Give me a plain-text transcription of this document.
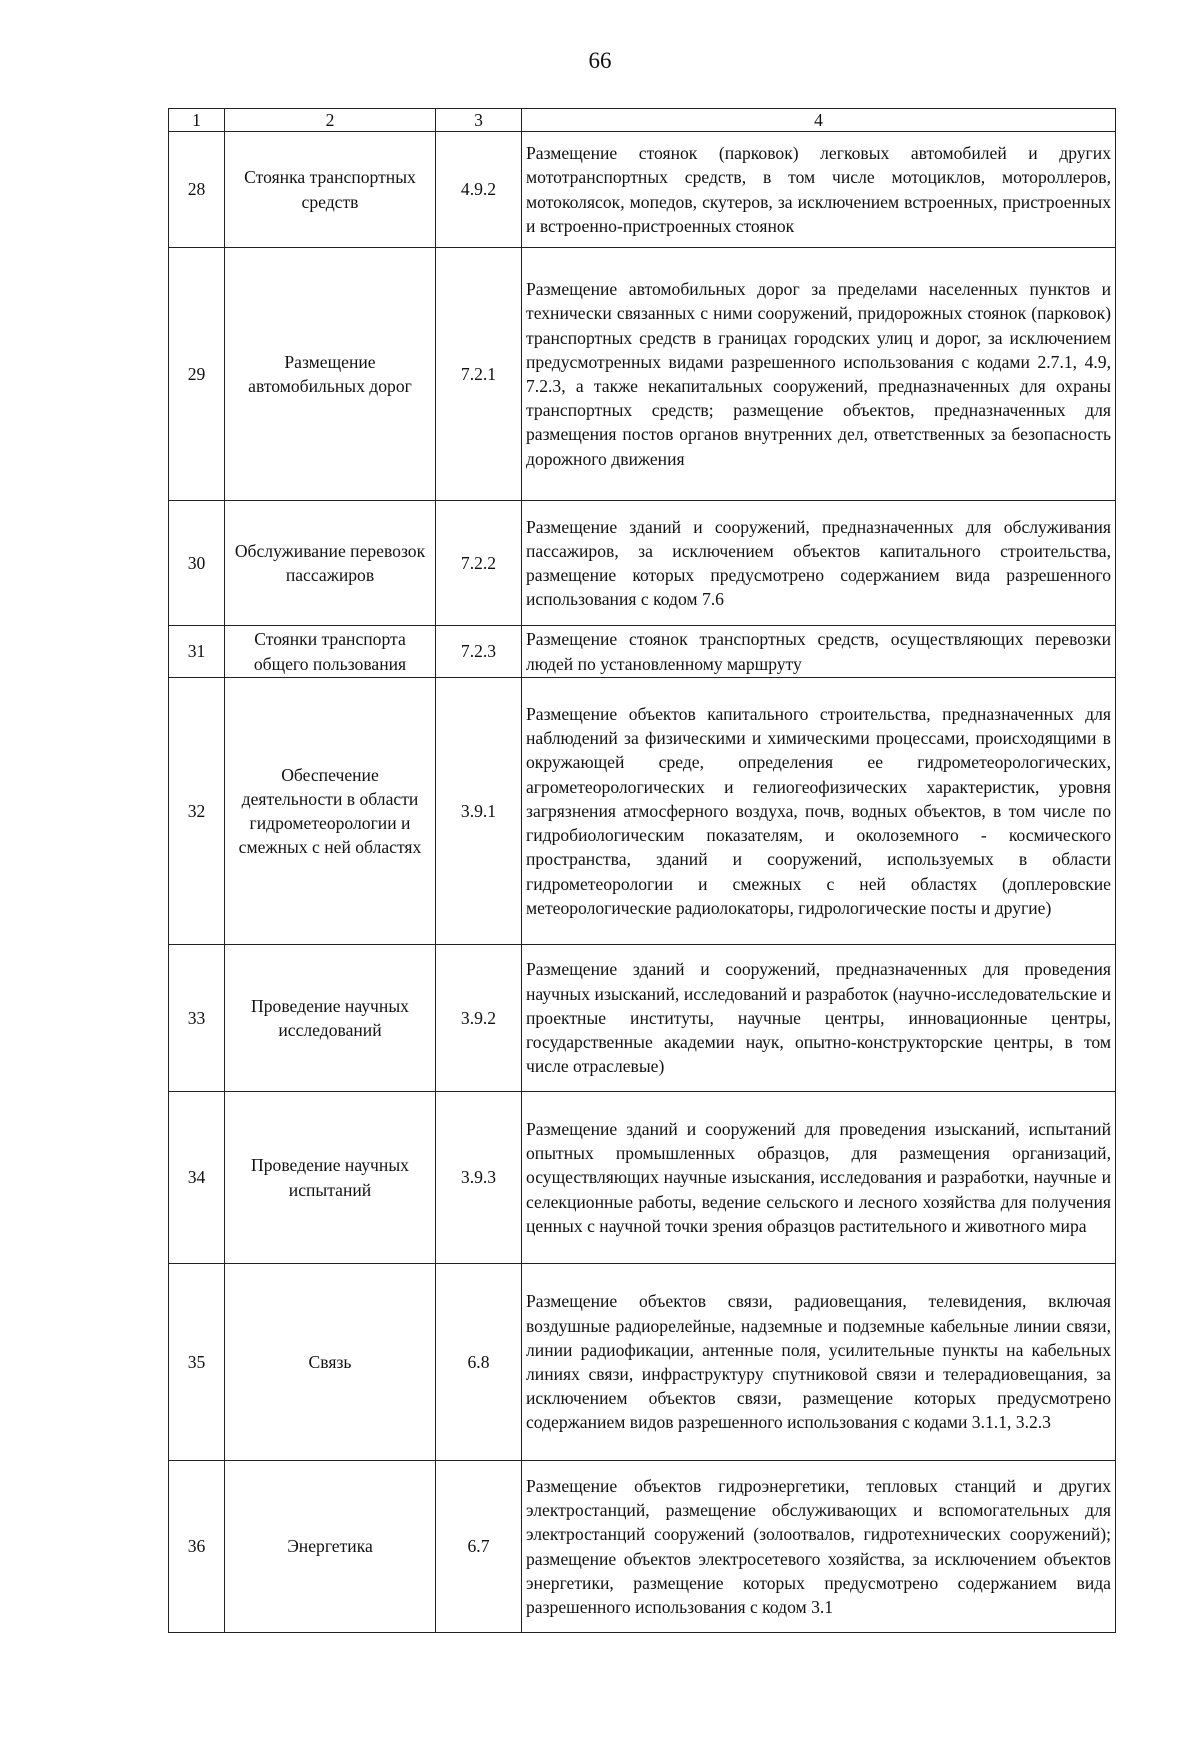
66
1	2	3	4
28	Стоянка транспортных средств	4.9.2	Размещение стоянок (парковок) легковых автомобилей и других мототранспортных средств, в том числе мотоциклов, мотороллеров, мотоколясок, мопедов, скутеров, за исключением встроенных, пристроенных и встроенно-пристроенных стоянок
29	Размещение автомобильных дорог	7.2.1	Размещение автомобильных дорог за пределами населенных пунктов и технически связанных с ними сооружений, придорожных стоянок (парковок) транспортных средств в границах городских улиц и дорог, за исключением предусмотренных видами разрешенного использования с кодами 2.7.1, 4.9, 7.2.3, а также некапитальных сооружений, предназначенных для охраны транспортных средств; размещение объектов, предназначенных для размещения постов органов внутренних дел, ответственных за безопасность дорожного движения
30	Обслуживание перевозок пассажиров	7.2.2	Размещение зданий и сооружений, предназначенных для обслуживания пассажиров, за исключением объектов капитального строительства, размещение которых предусмотрено содержанием вида разрешенного использования с кодом 7.6
31	Стоянки транспорта общего пользования	7.2.3	Размещение стоянок транспортных средств, осуществляющих перевозки людей по установленному маршруту
32	Обеспечение деятельности в области гидрометеорологии и смежных с ней областях	3.9.1	Размещение объектов капитального строительства, предназначенных для наблюдений за физическими и химическими процессами, происходящими в окружающей среде, определения ее гидрометеорологических, агрометеорологических и гелиогеофизических характеристик, уровня загрязнения атмосферного воздуха, почв, водных объектов, в том числе по гидробиологическим показателям, и околоземного - космического пространства, зданий и сооружений, используемых в области гидрометеорологии и смежных с ней областях (доплеровские метеорологические радиолокаторы, гидрологические посты и другие)
33	Проведение научных исследований	3.9.2	Размещение зданий и сооружений, предназначенных для проведения научных изысканий, исследований и разработок (научно-исследовательские и проектные институты, научные центры, инновационные центры, государственные академии наук, опытно-конструкторские центры, в том числе отраслевые)
34	Проведение научных испытаний	3.9.3	Размещение зданий и сооружений для проведения изысканий, испытаний опытных промышленных образцов, для размещения организаций, осуществляющих научные изыскания, исследования и разработки, научные и селекционные работы, ведение сельского и лесного хозяйства для получения ценных с научной точки зрения образцов растительного и животного мира
35	Связь	6.8	Размещение объектов связи, радиовещания, телевидения, включая воздушные радиорелейные, надземные и подземные кабельные линии связи, линии радиофикации, антенные поля, усилительные пункты на кабельных линиях связи, инфраструктуру спутниковой связи и телерадиовещания, за исключением объектов связи, размещение которых предусмотрено содержанием видов разрешенного использования с кодами 3.1.1, 3.2.3
36	Энергетика	6.7	Размещение объектов гидроэнергетики, тепловых станций и других электростанций, размещение обслуживающих и вспомогательных для электростанций сооружений (золоотвалов, гидротехнических сооружений); размещение объектов электросетевого хозяйства, за исключением объектов энергетики, размещение которых предусмотрено содержанием вида разрешенного использования с кодом 3.1
